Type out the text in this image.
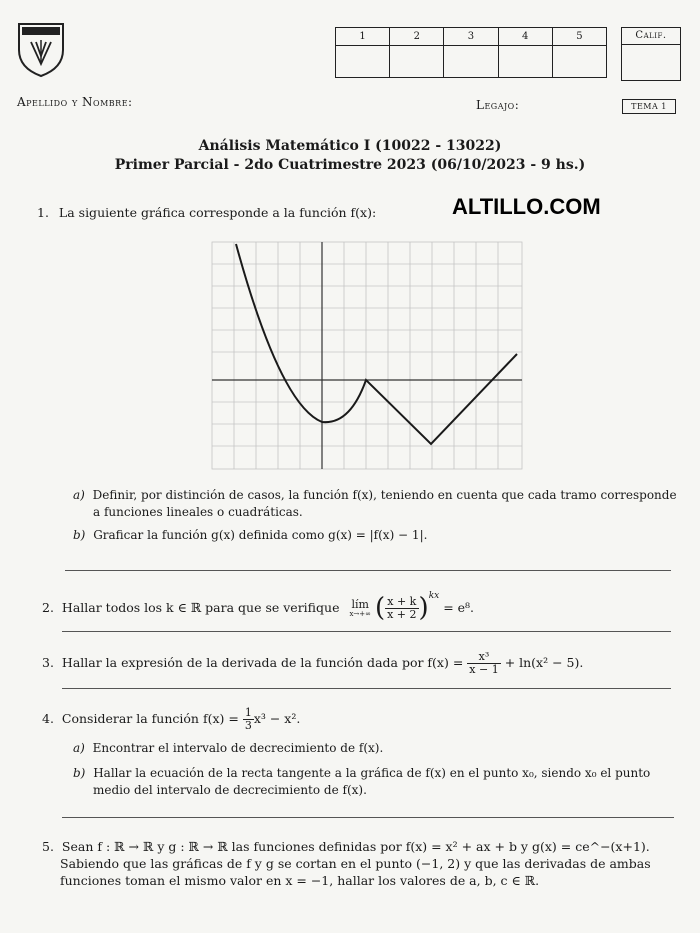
1	2	3	4	5
					Calif.
Apellido y Nombre:	Legajo:	TEMA 1
Análisis Matemático I (10022 - 13022)
Primer Parcial - 2do Cuatrimestre 2023 (06/10/2023 - 9 hs.)
ALTILLO.COM
1. La siguiente gráfica corresponde a la función f(x):
a) Definir, por distinción de casos, la función f(x), teniendo en cuenta que cada tramo corresponde
a funciones lineales o cuadráticas.
b) Graficar la función g(x) definida como g(x) = |f(x) − 1|.
2. Hallar todos los k ∈ ℝ para que se verifique lím
x→+∞ ( $\frac{x + k}{x + 2} )^{kx} = e^8$.
3. Hallar la expresión de la derivada de la función dada por $f(x) = \frac{\text{x³}}{x - 1} + \ln(x^2 - 5)$.
4. Considerar la función $f(x) = \frac{1}{3} x^3 - x^2$.
a) Encontrar el intervalo de decrecimiento de f(x).
b) Hallar la ecuación de la recta tangente a la gráfica de f(x) en el punto x₀, siendo x₀ el punto
medio del intervalo de decrecimiento de f(x).
5. Sean f : ℝ → ℝ y g : ℝ → ℝ las funciones definidas por f(x) = x² + ax + b y g(x) = ce^−(x+1).
Sabiendo que las gráficas de f y g se cortan en el punto (−1, 2) y que las derivadas de ambas
funciones toman el mismo valor en x = −1, hallar los valores de a, b, c ∈ ℝ.
